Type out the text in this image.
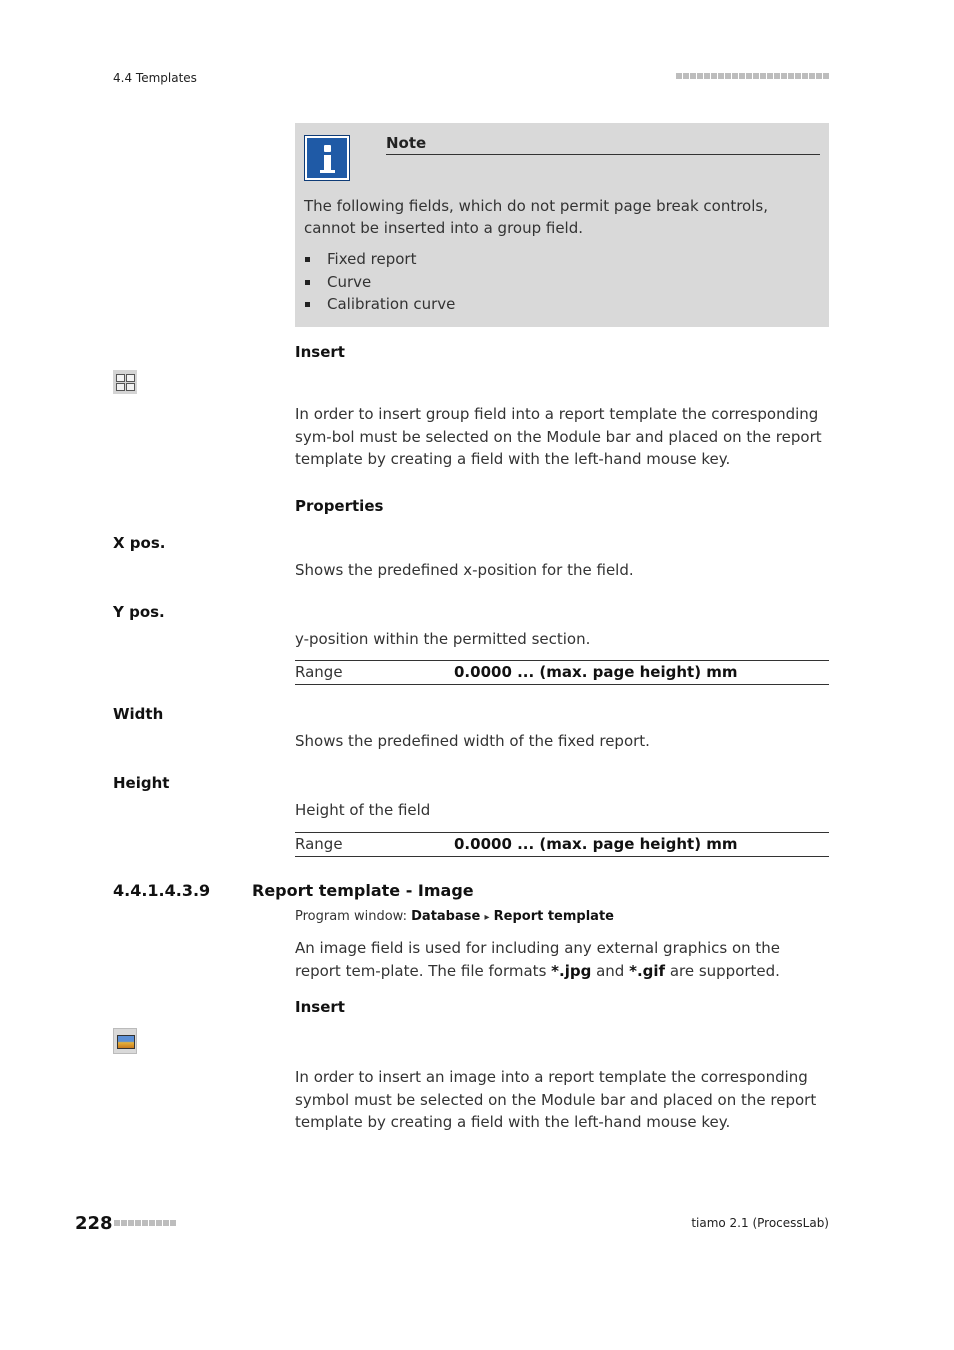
4.4 Templates
Note
The following fields, which do not permit page break controls, cannot be inserted into a group field.
Fixed report
Curve
Calibration curve
Insert
In order to insert group field into a report template the corresponding sym-bol must be selected on the Module bar and placed on the report template by creating a field with the left-hand mouse key.
Properties
X pos.
Shows the predefined x-position for the field.
Y pos.
y-position within the permitted section.
Range	0.0000 ... (max. page height) mm
Width
Shows the predefined width of the fixed report.
Height
Height of the field
Range	0.0000 ... (max. page height) mm
4.4.1.4.3.9	Report template - Image
Program window: Database ▸ Report template
An image field is used for including any external graphics on the report tem-plate. The file formats *.jpg and *.gif are supported.
Insert
In order to insert an image into a report template the corresponding symbol must be selected on the Module bar and placed on the report template by creating a field with the left-hand mouse key.
228	tiamo 2.1 (ProcessLab)
